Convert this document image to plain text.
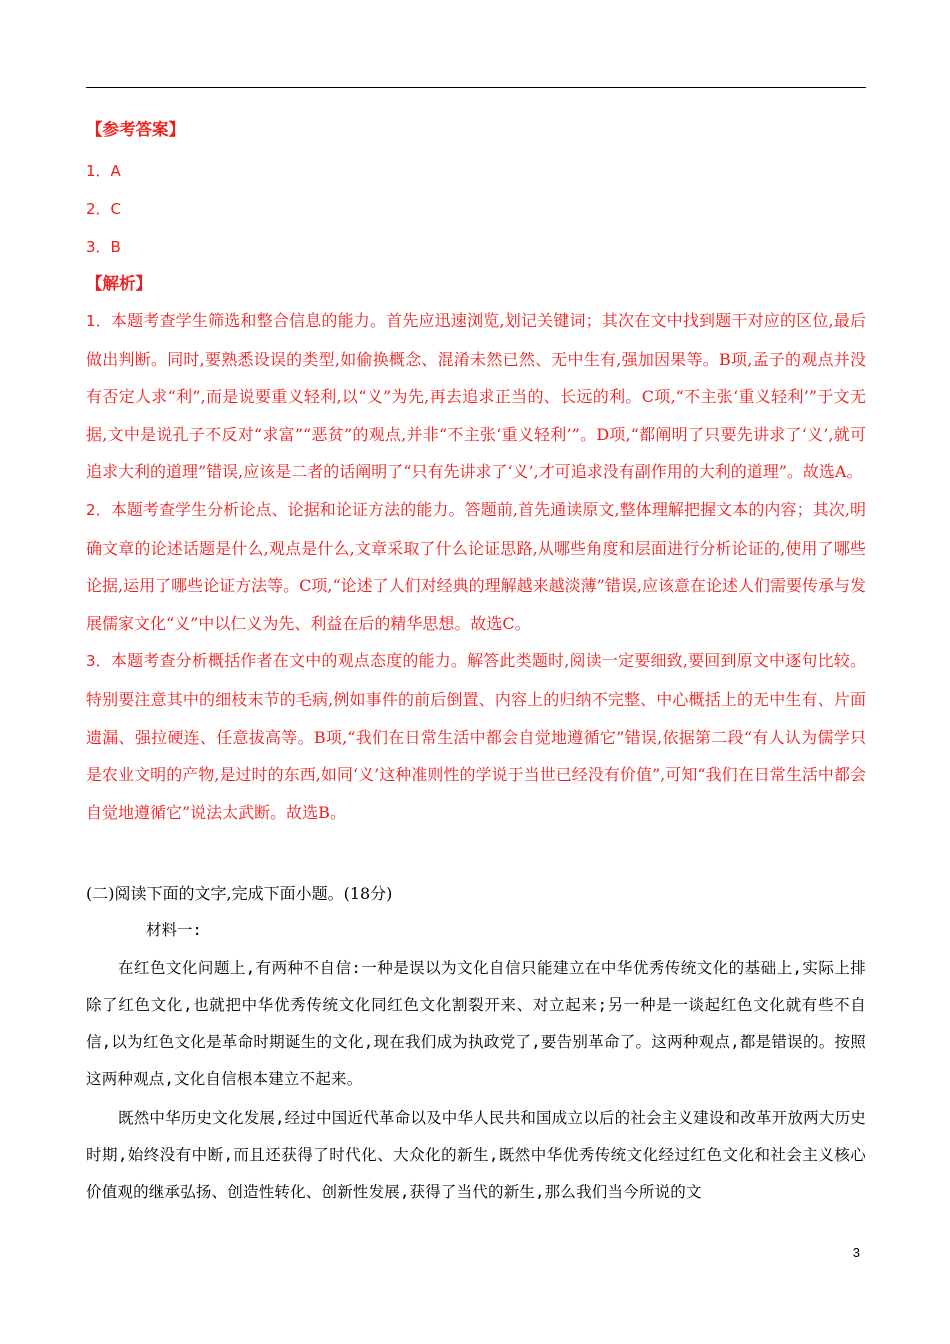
【参考答案】
1．A
2．C
3．B
【解析】

1．本题考查学生筛选和整合信息的能力。首先应迅速浏览,划记关键词；其次在文中找到题干对应的区位,最后做出判断。同时,要熟悉设误的类型,如偷换概念、混淆未然已然、无中生有,强加因果等。B项,孟子的观点并没有否定人求“利”,而是说要重义轻利,以“义”为先,再去追求正当的、长远的利。C项,“不主张‘重义轻利’”于文无据,文中是说孔子不反对“求富”“恶贫”的观点,并非“不主张‘重义轻利’”。D项,“都阐明了只要先讲求了‘义’,就可追求大利的道理”错误,应该是二者的话阐明了“只有先讲求了‘义’,才可追求没有副作用的大利的道理”。故选A。

2．本题考查学生分析论点、论据和论证方法的能力。答题前,首先通读原文,整体理解把握文本的内容；其次,明确文章的论述话题是什么,观点是什么,文章采取了什么论证思路,从哪些角度和层面进行分析论证的,使用了哪些论据,运用了哪些论证方法等。C项,“论述了人们对经典的理解越来越淡薄”错误,应该意在论述人们需要传承与发展儒家文化“义”中以仁义为先、利益在后的精华思想。故选C。

3．本题考查分析概括作者在文中的观点态度的能力。解答此类题时,阅读一定要细致,要回到原文中逐句比较。特别要注意其中的细枝末节的毛病,例如事件的前后倒置、内容上的归纳不完整、中心概括上的无中生有、片面遗漏、强拉硬连、任意拔高等。B项,“我们在日常生活中都会自觉地遵循它”错误,依据第二段“有人认为儒学只是农业文明的产物,是过时的东西,如同‘义’这种准则性的学说于当世已经没有价值”,可知“我们在日常生活中都会自觉地遵循它”说法太武断。故选B。

(二)阅读下面的文字,完成下面小题。(18分)
材料一:

在红色文化问题上,有两种不自信:一种是误以为文化自信只能建立在中华优秀传统文化的基础上,实际上排除了红色文化,也就把中华优秀传统文化同红色文化割裂开来、对立起来;另一种是一谈起红色文化就有些不自信,以为红色文化是革命时期诞生的文化,现在我们成为执政党了,要告别革命了。这两种观点,都是错误的。按照这两种观点,文化自信根本建立不起来。

既然中华历史文化发展,经过中国近代革命以及中华人民共和国成立以后的社会主义建设和改革开放两大历史时期,始终没有中断,而且还获得了时代化、大众化的新生,既然中华优秀传统文化经过红色文化和社会主义核心价值观的继承弘扬、创造性转化、创新性发展,获得了当代的新生,那么我们当今所说的文

3
